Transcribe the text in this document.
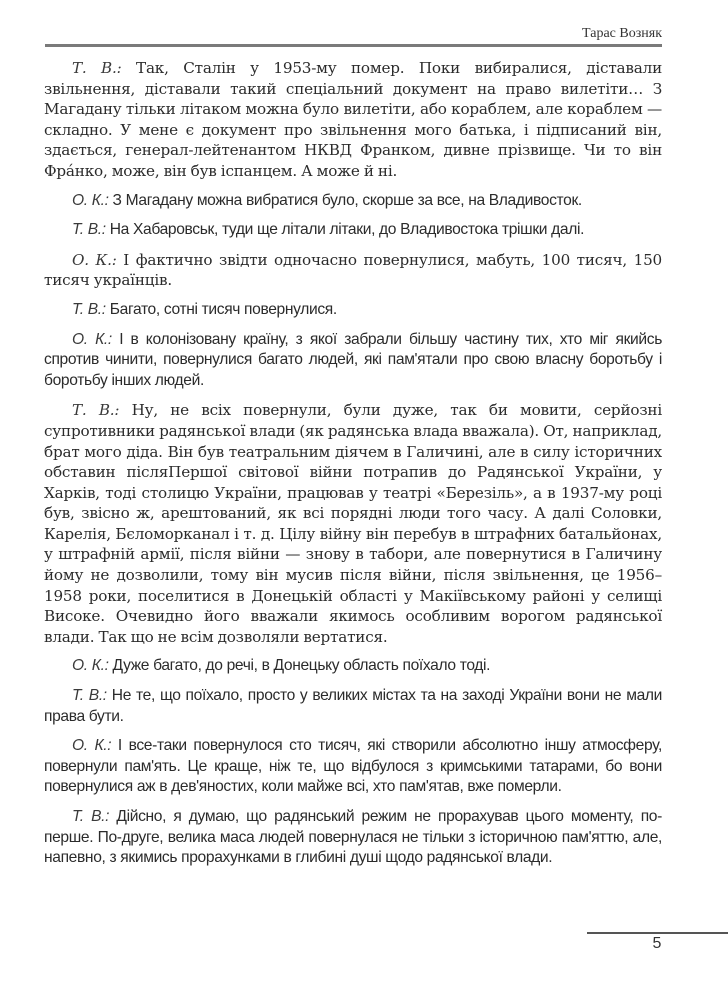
Тарас Возняк

Т. В.: Так, Сталін у 1953-му помер. Поки вибиралися, діставали звільнення, діставали такий спеціальний документ на право вилетіти… З Магадану тільки літаком можна було вилетіти, або кораблем, але кораблем — складно. У мене є документ про звільнення мого батька, і підписаний він, здається, генерал-лейтенантом НКВД Франком, дивне прізвище. Чи то він Фрáнко, може, він був іспанцем. А може й ні.

О. К.: З Магадану можна вибратися було, скорше за все, на Владивосток.

Т. В.: На Хабаровськ, туди ще літали літаки, до Владивостока трішки далі.

О. К.: І фактично звідти одночасно повернулися, мабуть, 100 тисяч, 150 тисяч українців.

Т. В.: Багато, сотні тисяч повернулися.

О. К.: І в колонізовану країну, з якої забрали більшу частину тих, хто міг якийсь спротив чинити, повернулися багато людей, які пам'ятали про свою власну боротьбу і боротьбу інших людей.

Т. В.: Ну, не всіх повернули, були дуже, так би мовити, серйозні супротивники радянської влади (як радянська влада вважала). От, наприклад, брат мого діда. Він був театральним діячем в Галичині, але в силу історичних обставин післяПершої світової війни потрапив до Радянської України, у Харків, тоді столицю України, працював у театрі «Березіль», а в 1937-му році був, звісно ж, арештований, як всі порядні люди того часу. А далі Соловки, Карелія, Бєломорканал і т. д. Цілу війну він перебув в штрафних батальйонах, у штрафній армії, після війни — знову в табори, але повернутися в Галичину йому не дозволили, тому він мусив після війни, після звільнення, це 1956–1958 роки, поселитися в Донецькій області у Макіївському районі у селищі Високе. Очевидно його вважали якимось особливим ворогом радянської влади. Так що не всім дозволяли вертатися.

О. К.: Дуже багато, до речі, в Донецьку область поїхало тоді.

Т. В.: Не те, що поїхало, просто у великих містах та на заході України вони не мали права бути.

О. К.: І все-таки повернулося сто тисяч, які створили абсолютно іншу атмосферу, повернули пам'ять. Це краще, ніж те, що відбулося з кримськими татарами, бо вони повернулися аж в дев'яностих, коли майже всі, хто пам'ятав, вже померли.

Т. В.: Дійсно, я думаю, що радянський режим не прорахував цього моменту, по-перше. По-друге, велика маса людей повернулася не тільки з історичною пам'яттю, але, напевно, з якимись прорахунками в глибині душі щодо радянської влади.

5
